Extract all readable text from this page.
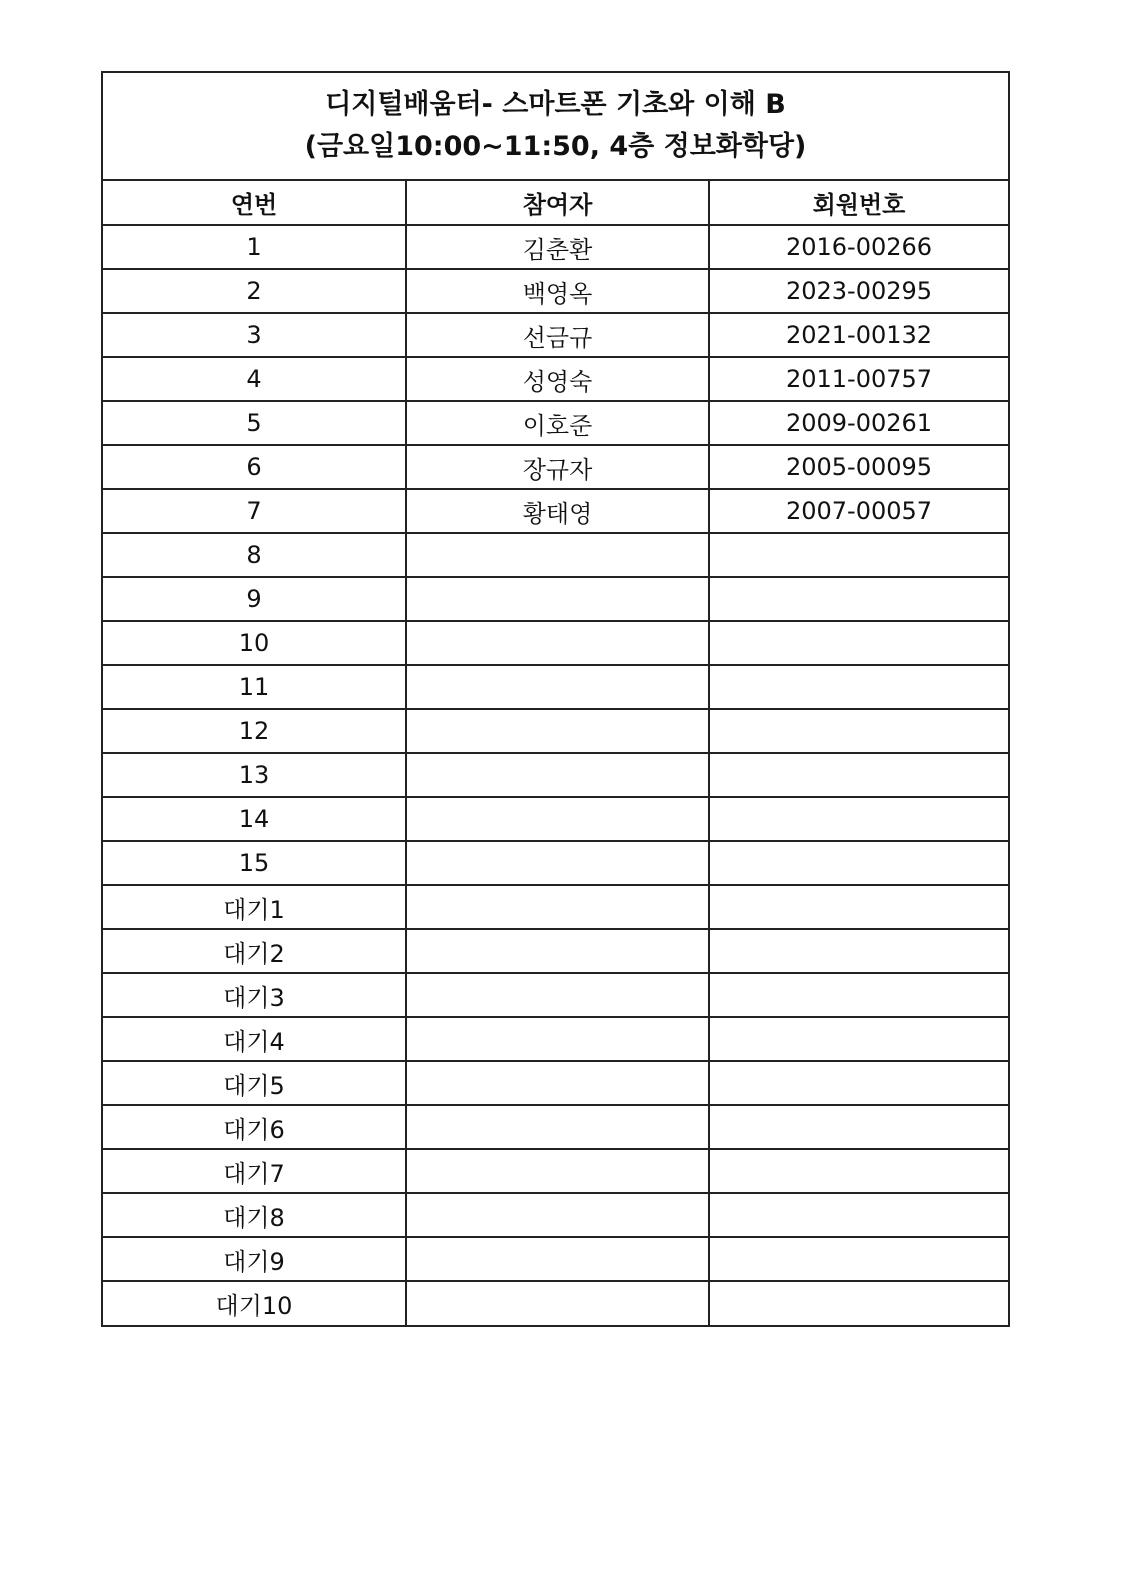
디지털배움터- 스마트폰 기초와 이해 B
(금요일10:00~11:50, 4층 정보화학당)
연번	참여자	회원번호
1	김춘환	2016-00266
2	백영옥	2023-00295
3	선금규	2021-00132
4	성영숙	2011-00757
5	이호준	2009-00261
6	장규자	2005-00095
7	황태영	2007-00057
8		
9		
10		
11		
12		
13		
14		
15		
대기1		
대기2		
대기3		
대기4		
대기5		
대기6		
대기7		
대기8		
대기9		
대기10		
